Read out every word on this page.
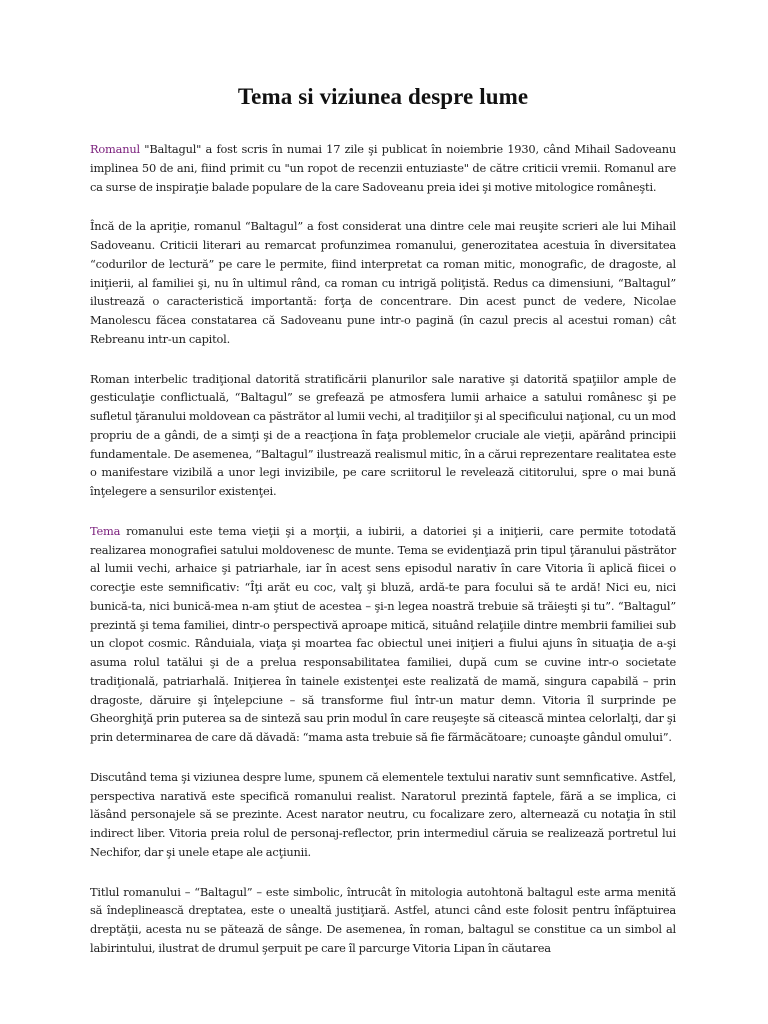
Tema si viziunea despre lume

Romanul "Baltagul" a fost scris în numai 17 zile şi publicat în noiembrie 1930, când Mihail Sadoveanu implinea 50 de ani, fiind primit cu "un ropot de recenzii entuziaste" de către criticii vremii. Romanul are ca surse de inspiraţie balade populare de la care Sadoveanu preia idei şi motive mitologice româneşti.

Încă de la apriţie, romanul “Baltagul” a fost considerat una dintre cele mai reuşite scrieri ale lui Mihail Sadoveanu. Criticii literari au remarcat profunzimea romanului, generozitatea acestuia în diversitatea “codurilor de lectură” pe care le permite, fiind interpretat ca roman mitic, monografic, de dragoste, al iniţierii, al familiei şi, nu în ultimul rând, ca roman cu intrigă poliţistă. Redus ca dimensiuni, “Baltagul” ilustrează o caracteristică importantă: forţa de concentrare. Din acest punct de vedere, Nicolae Manolescu făcea constatarea că Sadoveanu pune intr-o pagină (în cazul precis al acestui roman) cât Rebreanu intr-un capitol.

Roman interbelic tradiţional datorită stratificării planurilor sale narative şi datorită spaţiilor ample de gesticulaţie conflictuală, “Baltagul” se grefează pe atmosfera lumii arhaice a satului românesc şi pe sufletul ţăranului moldovean ca păstrător al lumii vechi, al tradiţiilor şi al specificului naţional, cu un mod propriu de a gândi, de a simţi şi de a reacţiona în faţa problemelor cruciale ale vieţii, apărând principii fundamentale. De asemenea, “Baltagul” ilustrează realismul mitic, în a cărui reprezentare realitatea este o manifestare vizibilă a unor legi invizibile, pe care scriitorul le revelează cititorului, spre o mai bună înţelegere a sensurilor existenţei.

Tema romanului este tema vieţii şi a morţii, a iubirii, a datoriei şi a iniţierii, care permite totodată realizarea monografiei satului moldovenesc de munte. Tema se evidenţiază prin tipul ţăranului păstrător al lumii vechi, arhaice şi patriarhale, iar în acest sens episodul narativ în care Vitoria îi aplică fiicei o corecţie este semnificativ: “Îţi arăt eu coc, valţ şi bluză, ardă-te para focului să te ardă! Nici eu, nici bunică-ta, nici bunică-mea n-am ştiut de acestea – şi-n legea noastră trebuie să trăieşti şi tu”. “Baltagul” prezintă şi tema familiei, dintr-o perspectivă aproape mitică, situând relaţiile dintre membrii familiei sub un clopot cosmic. Rânduiala, viaţa şi moartea fac obiectul unei iniţieri a fiului ajuns în situaţia de a-şi asuma rolul tatălui şi de a prelua responsabilitatea familiei, după cum se cuvine intr-o societate tradiţională, patriarhală. Iniţierea în tainele existenţei este realizată de mamă, singura capabilă – prin dragoste, dăruire şi înţelepciune – să transforme fiul într-un matur demn. Vitoria îl surprinde pe Gheorghiţă prin puterea sa de sinteză sau prin modul în care reuşeşte să citească mintea celorlalţi, dar şi prin determinarea de care dă dăvadă: “mama asta trebuie să fie fărmăcătoare; cunoaşte gândul omului”.

Discutând tema şi viziunea despre lume, spunem că elementele textului narativ sunt semnficative. Astfel, perspectiva narativă este specifică romanului realist. Naratorul prezintă faptele, fără a se implica, ci lăsând personajele să se prezinte. Acest narator neutru, cu focalizare zero, alternează cu notaţia în stil indirect liber. Vitoria preia rolul de personaj-reflector, prin intermediul căruia se realizează portretul lui Nechifor, dar şi unele etape ale acţiunii.

Titlul romanului – “Baltagul” – este simbolic, întrucât în mitologia autohtonă baltagul este arma menită să îndeplinească dreptatea, este o unealtă justiţiară. Astfel, atunci când este folosit pentru înfăptuirea dreptăţii, acesta nu se pătează de sânge. De asemenea, în roman, baltagul se constitue ca un simbol al labirintului, ilustrat de drumul şerpuit pe care îl parcurge Vitoria Lipan în căutarea
